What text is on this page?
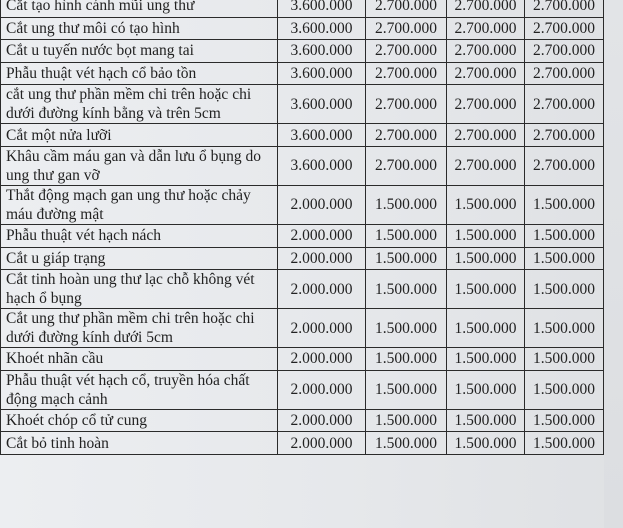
Cắt tạo hình cánh mũi ung thư	3.600.000	2.700.000	2.700.000	2.700.000
Cắt ung thư môi có tạo hình	3.600.000	2.700.000	2.700.000	2.700.000
Cắt u tuyến nước bọt mang tai	3.600.000	2.700.000	2.700.000	2.700.000
Phẫu thuật vét hạch cổ bảo tồn	3.600.000	2.700.000	2.700.000	2.700.000
cắt ung thư phần mềm chi trên hoặc chi dưới đường kính bằng và trên 5cm	3.600.000	2.700.000	2.700.000	2.700.000
Cắt một nửa lưỡi	3.600.000	2.700.000	2.700.000	2.700.000
Khâu cầm máu gan và dẫn lưu ổ bụng do ung thư gan vỡ	3.600.000	2.700.000	2.700.000	2.700.000
Thắt động mạch gan ung thư hoặc chảy máu đường mật	2.000.000	1.500.000	1.500.000	1.500.000
Phẫu thuật vét hạch nách	2.000.000	1.500.000	1.500.000	1.500.000
Cắt u giáp trạng	2.000.000	1.500.000	1.500.000	1.500.000
Cắt tinh hoàn ung thư lạc chỗ không vét hạch ổ bụng	2.000.000	1.500.000	1.500.000	1.500.000
Cắt ung thư phần mềm chi trên hoặc chi dưới đường kính dưới 5cm	2.000.000	1.500.000	1.500.000	1.500.000
Khoét nhãn cầu	2.000.000	1.500.000	1.500.000	1.500.000
Phẫu thuật vét hạch cổ, truyền hóa chất động mạch cảnh	2.000.000	1.500.000	1.500.000	1.500.000
Khoét chóp cổ tử cung	2.000.000	1.500.000	1.500.000	1.500.000
Cắt bỏ tinh hoàn	2.000.000	1.500.000	1.500.000	1.500.000
